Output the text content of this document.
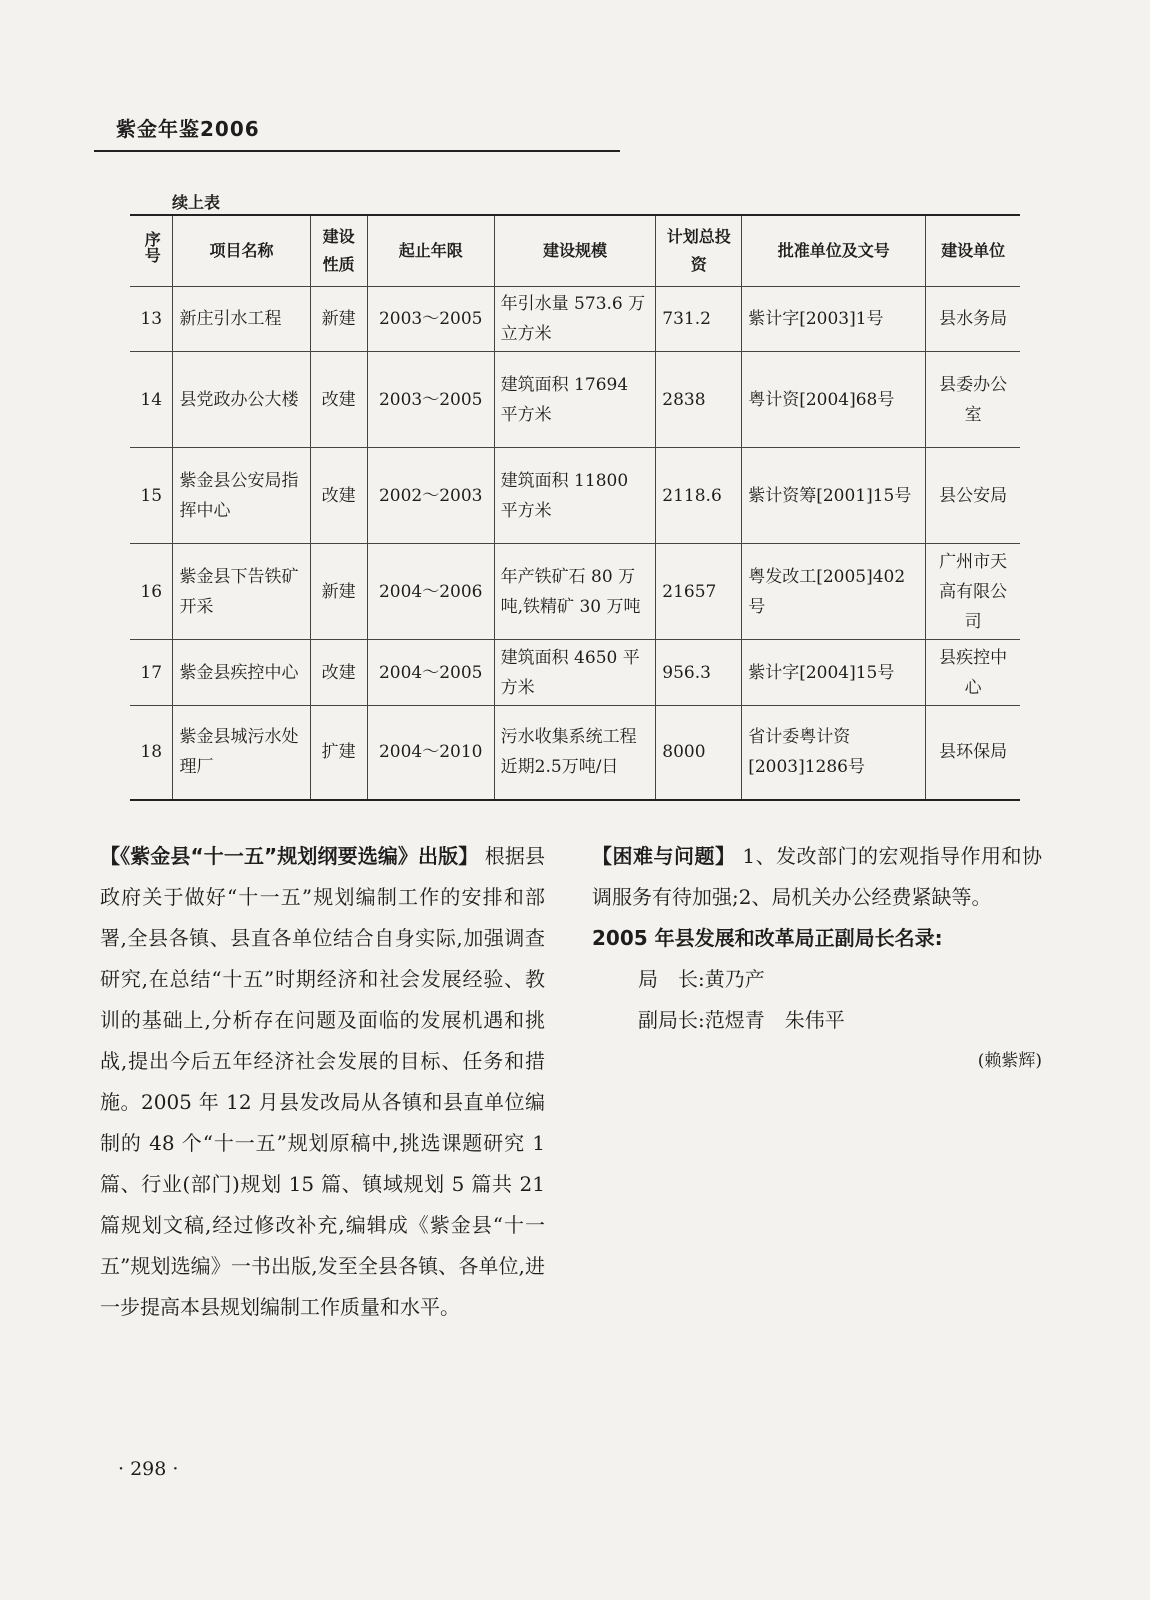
紫金年鉴2006
续上表
序号	项目名称	建设性质	起止年限	建设规模	计划总投资	批准单位及文号	建设单位
13	新庄引水工程	新建	2003～2005	年引水量 573.6 万立方米	731.2	紫计字[2003]1号	县水务局
14	县党政办公大楼	改建	2003～2005	建筑面积 17694 平方米	2838	粤计资[2004]68号	县委办公室
15	紫金县公安局指挥中心	改建	2002～2003	建筑面积 11800 平方米	2118.6	紫计资筹[2001]15号	县公安局
16	紫金县下告铁矿开采	新建	2004～2006	年产铁矿石 80 万吨,铁精矿 30 万吨	21657	粤发改工[2005]402号	广州市天高有限公司
17	紫金县疾控中心	改建	2004～2005	建筑面积 4650 平方米	956.3	紫计字[2004]15号	县疾控中心
18	紫金县城污水处理厂	扩建	2004～2010	污水收集系统工程近期2.5万吨/日	8000	省计委粤计资[2003]1286号	县环保局
【《紫金县“十一五”规划纲要选编》出版】 根据县政府关于做好“十一五”规划编制工作的安排和部署,全县各镇、县直各单位结合自身实际,加强调查研究,在总结“十五”时期经济和社会发展经验、教训的基础上,分析存在问题及面临的发展机遇和挑战,提出今后五年经济社会发展的目标、任务和措施。2005 年 12 月县发改局从各镇和县直单位编制的 48 个“十一五”规划原稿中,挑选课题研究 1 篇、行业(部门)规划 15 篇、镇域规划 5 篇共 21 篇规划文稿,经过修改补充,编辑成《紫金县“十一五”规划选编》一书出版,发至全县各镇、各单位,进一步提高本县规划编制工作质量和水平。
【困难与问题】 1、发改部门的宏观指导作用和协调服务有待加强;2、局机关办公经费紧缺等。
2005 年县发展和改革局正副局长名录:
局　长:黄乃产
副局长:范煜青　朱伟平
(赖紫辉)
· 298 ·
